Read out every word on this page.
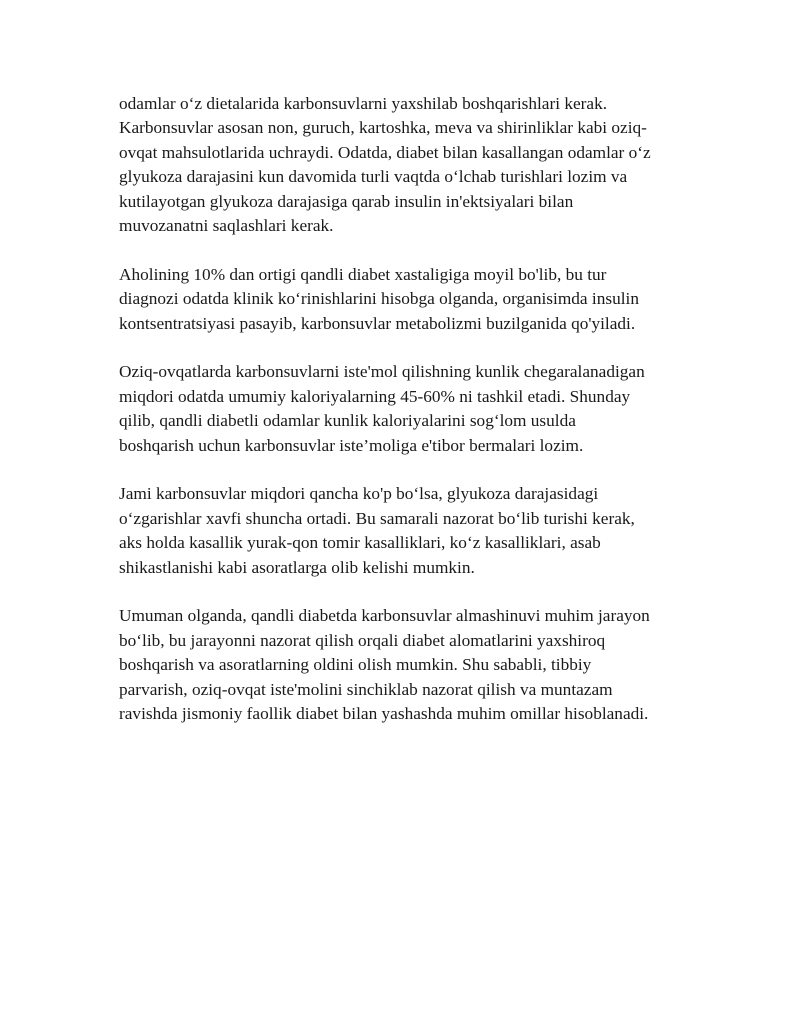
odamlar o‘z dietalarida karbonsuvlarni yaxshilab boshqarishlari kerak.
Karbonsuvlar asosan non, guruch, kartoshka, meva va shirinliklar kabi oziq-
ovqat mahsulotlarida uchraydi. Odatda, diabet bilan kasallangan odamlar o‘z
glyukoza darajasini kun davomida turli vaqtda o‘lchab turishlari lozim va
kutilayotgan glyukoza darajasiga qarab insulin in'ektsiyalari bilan
muvozanatni saqlashlari kerak.

Aholining 10% dan ortigi qandli diabet xastaligiga moyil bo'lib, bu tur
diagnozi odatda klinik ko‘rinishlarini hisobga olganda, organisimda insulin
kontsentratsiyasi pasayib, karbonsuvlar metabolizmi buzilganida qo'yiladi.

Oziq-ovqatlarda karbonsuvlarni iste'mol qilishning kunlik chegaralanadigan
miqdori odatda umumiy kaloriyalarning 45-60% ni tashkil etadi. Shunday
qilib, qandli diabetli odamlar kunlik kaloriyalarini sog‘lom usulda
boshqarish uchun karbonsuvlar iste’moliga e'tibor bermalari lozim.

Jami karbonsuvlar miqdori qancha ko'p bo‘lsa, glyukoza darajasidagi
o‘zgarishlar xavfi shuncha ortadi. Bu samarali nazorat bo‘lib turishi kerak,
aks holda kasallik yurak-qon tomir kasalliklari, ko‘z kasalliklari, asab
shikastlanishi kabi asoratlarga olib kelishi mumkin.

Umuman olganda, qandli diabetda karbonsuvlar almashinuvi muhim jarayon
bo‘lib, bu jarayonni nazorat qilish orqali diabet alomatlarini yaxshiroq
boshqarish va asoratlarning oldini olish mumkin. Shu sababli, tibbiy
parvarish, oziq-ovqat iste'molini sinchiklab nazorat qilish va muntazam
ravishda jismoniy faollik diabet bilan yashashda muhim omillar hisoblanadi.
